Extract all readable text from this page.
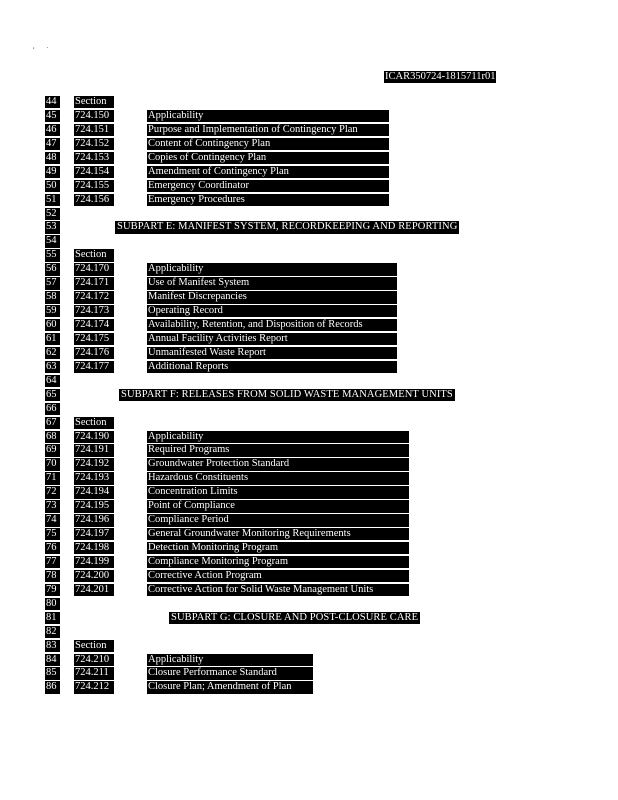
,        .
ICAR350724-1815711r01
44	Section
45	724.150	Applicability
46	724.151	Purpose and Implementation of Contingency Plan
47	724.152	Content of Contingency Plan
48	724.153	Copies of Contingency Plan
49	724.154	Amendment of Contingency Plan
50	724.155	Emergency Coordinator
51	724.156	Emergency Procedures
52
53	SUBPART E: MANIFEST SYSTEM, RECORDKEEPING AND REPORTING
54
55	Section
56	724.170	Applicability
57	724.171	Use of Manifest System
58	724.172	Manifest Discrepancies
59	724.173	Operating Record
60	724.174	Availability, Retention, and Disposition of Records
61	724.175	Annual Facility Activities Report
62	724.176	Unmanifested Waste Report
63	724.177	Additional Reports
64
65	SUBPART F: RELEASES FROM SOLID WASTE MANAGEMENT UNITS
66
67	Section
68	724.190	Applicability
69	724.191	Required Programs
70	724.192	Groundwater Protection Standard
71	724.193	Hazardous Constituents
72	724.194	Concentration Limits
73	724.195	Point of Compliance
74	724.196	Compliance Period
75	724.197	General Groundwater Monitoring Requirements
76	724.198	Detection Monitoring Program
77	724.199	Compliance Monitoring Program
78	724.200	Corrective Action Program
79	724.201	Corrective Action for Solid Waste Management Units
80
81	SUBPART G: CLOSURE AND POST-CLOSURE CARE
82
83	Section
84	724.210	Applicability
85	724.211	Closure Performance Standard
86	724.212	Closure Plan; Amendment of Plan
